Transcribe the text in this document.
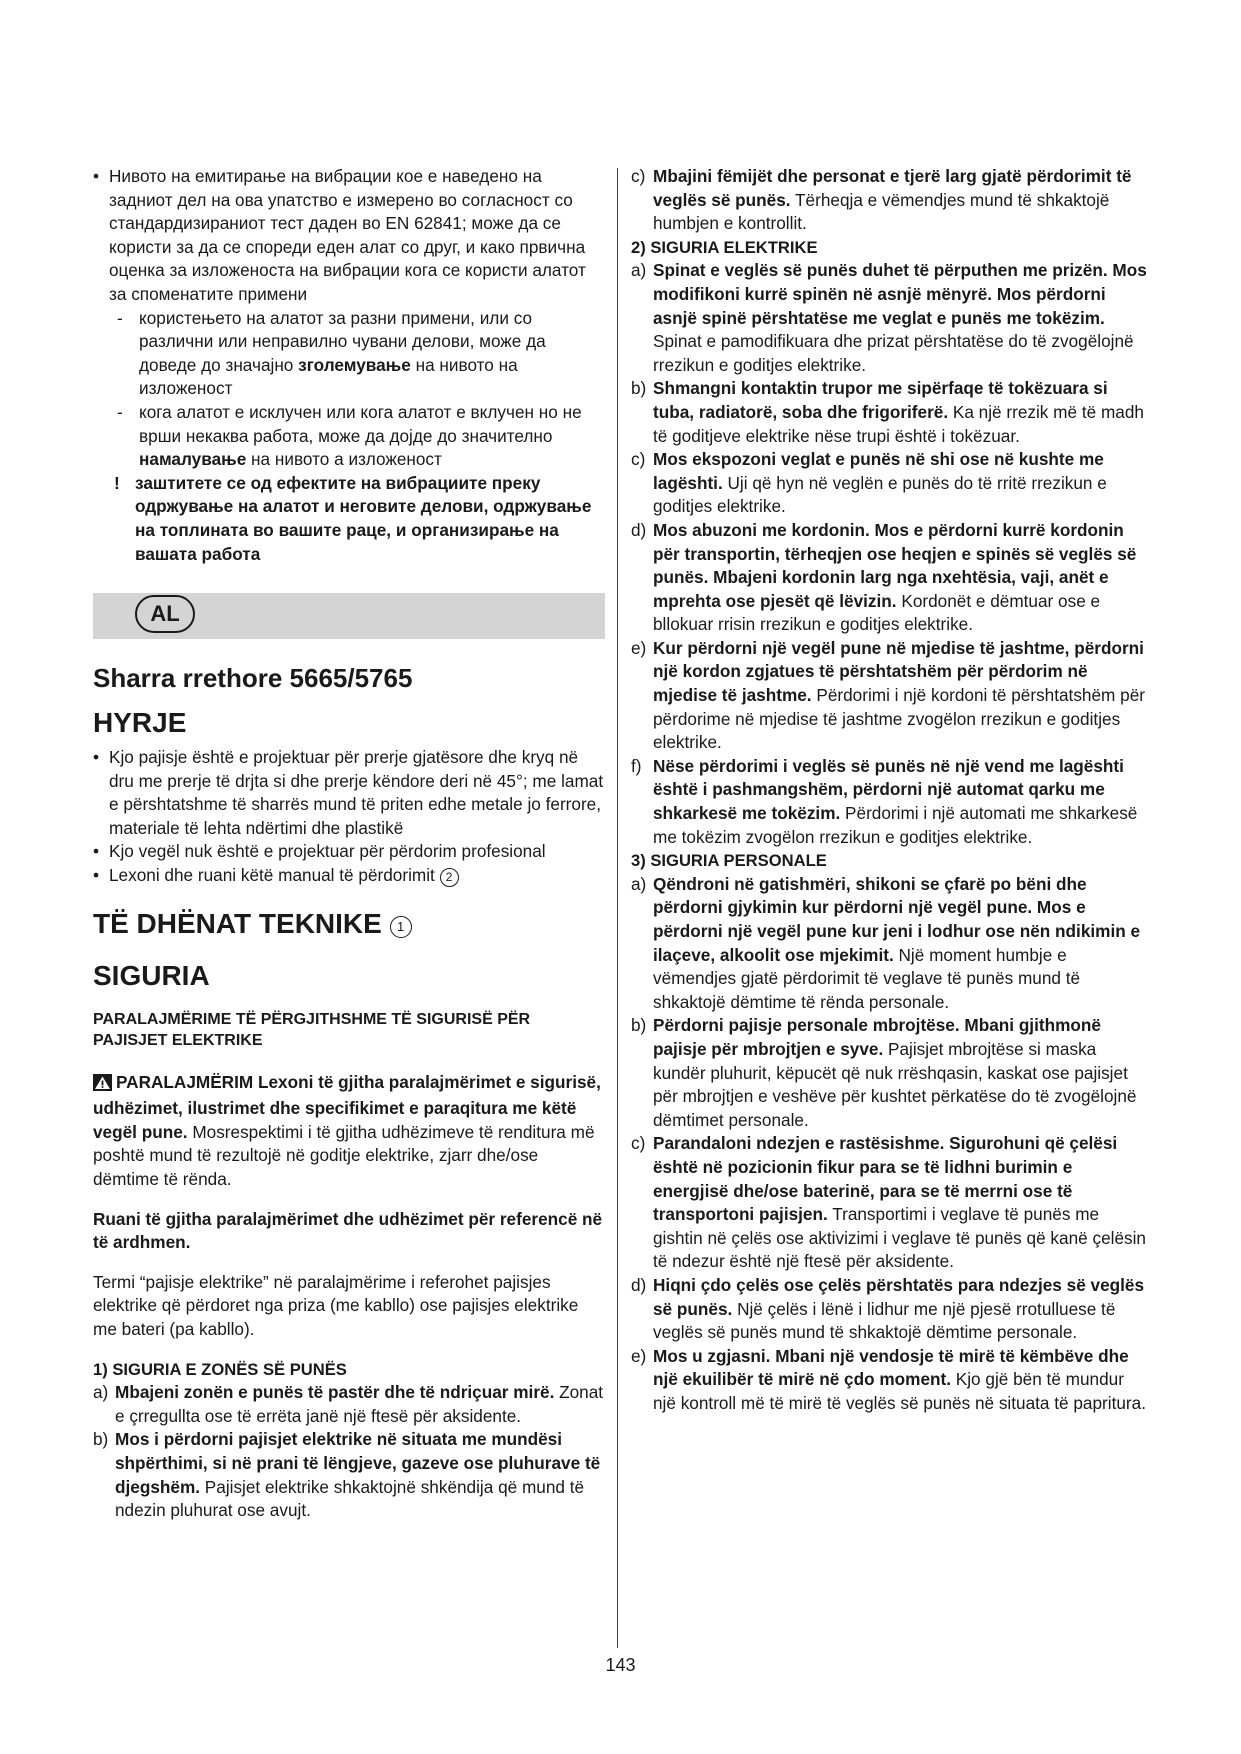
• Нивото на емитирање на вибрации кое е наведено на задниот дел на ова упатство е измерено во согласност со стандардизираниот тест даден во EN 62841; може да се користи за да се спореди еден алат со друг, и како првична оценка за изложеноста на вибрации кога се користи алатот за споменатите примени
- користењето на алатот за разни примени, или со различни или неправилно чувани делови, може да доведе до значајно зголемување на нивото на изложеност
- кога алатот е исклучен или кога алатот е вклучен но не врши некаква работа, може да дојде до значително намалување на нивото а изложеност
! заштитете се од ефектите на вибрациите преку одржување на алатот и неговите делови, одржување на топлината во вашите раце, и организирање на вашата работа
AL
Sharra rrethore 5665/5765
HYRJE
• Kjo pajisje është e projektuar për prerje gjatësore dhe kryq në dru me prerje të drjta si dhe prerje këndore deri në 45°; me lamat e përshtatshme të sharrës mund të priten edhe metale jo ferrore, materiale të lehta ndërtimi dhe plastikë
• Kjo vegël nuk është e projektuar për përdorim profesional
• Lexoni dhe ruani këtë manual të përdorimit 2
TË DHËNAT TEKNIKE 1
SIGURIA
PARALAJMËRIME TË PËRGJITHSHME TË SIGURISË PËR PAJISJET ELEKTRIKE
PARALAJMËRIM Lexoni të gjitha paralajmërimet e sigurisë, udhëzimet, ilustrimet dhe specifikimet e paraqitura me këtë vegël pune. Mosrespektimi i të gjitha udhëzimeve të renditura më poshtë mund të rezultojë në goditje elektrike, zjarr dhe/ose dëmtime të rënda.
Ruani të gjitha paralajmërimet dhe udhëzimet për referencë në të ardhmen.
Termi “pajisje elektrike” në paralajmërime i referohet pajisjes elektrike që përdoret nga priza (me kabllo) ose pajisjes elektrike me bateri (pa kabllo).
1) SIGURIA E ZONËS SË PUNËS
a) Mbajeni zonën e punës të pastër dhe të ndriçuar mirë. Zonat e çrregullta ose të errëta janë një ftesë për aksidente.
b) Mos i përdorni pajisjet elektrike në situata me mundësi shpërthimi, si në prani të lëngjeve, gazeve ose pluhurave të djegshëm. Pajisjet elektrike shkaktojnë shkëndija që mund të ndezin pluhurat ose avujt.
c) Mbajini fëmijët dhe personat e tjerë larg gjatë përdorimit të veglës së punës. Tërheqja e vëmendjes mund të shkaktojë humbjen e kontrollit.
2) SIGURIA ELEKTRIKE
a) Spinat e veglës së punës duhet të përputhen me prizën. Mos modifikoni kurrë spinën në asnjë mënyrë. Mos përdorni asnjë spinë përshtatëse me veglat e punës me tokëzim. Spinat e pamodifikuara dhe prizat përshtatëse do të zvogëlojnë rrezikun e goditjes elektrike.
b) Shmangni kontaktin trupor me sipërfaqe të tokëzuara si tuba, radiatorë, soba dhe frigoriferë. Ka një rrezik më të madh të goditjeve elektrike nëse trupi është i tokëzuar.
c) Mos ekspozoni veglat e punës në shi ose në kushte me lagështi. Uji që hyn në veglën e punës do të rritë rrezikun e goditjes elektrike.
d) Mos abuzoni me kordonin. Mos e përdorni kurrë kordonin për transportin, tërheqjen ose heqjen e spinës së veglës së punës. Mbajeni kordonin larg nga nxehtësia, vaji, anët e mprehta ose pjesët që lëvizin. Kordonët e dëmtuar ose e bllokuar rrisin rrezikun e goditjes elektrike.
e) Kur përdorni një vegël pune në mjedise të jashtme, përdorni një kordon zgjatues të përshtatshëm për përdorim në mjedise të jashtme. Përdorimi i një kordoni të përshtatshëm për përdorime në mjedise të jashtme zvogëlon rrezikun e goditjes elektrike.
f) Nëse përdorimi i veglës së punës në një vend me lagështi është i pashmangshëm, përdorni një automat qarku me shkarkesë me tokëzim. Përdorimi i një automati me shkarkesë me tokëzim zvogëlon rrezikun e goditjes elektrike.
3) SIGURIA PERSONALE
a) Qëndroni në gatishmëri, shikoni se çfarë po bëni dhe përdorni gjykimin kur përdorni një vegël pune. Mos e përdorni një vegël pune kur jeni i lodhur ose nën ndikimin e ilaçeve, alkoolit ose mjekimit. Një moment humbje e vëmendjes gjatë përdorimit të veglave të punës mund të shkaktojë dëmtime të rënda personale.
b) Përdorni pajisje personale mbrojtëse. Mbani gjithmonë pajisje për mbrojtjen e syve. Pajisjet mbrojtëse si maska kundër pluhurit, këpucët që nuk rrëshqasin, kaskat ose pajisjet për mbrojtjen e veshëve për kushtet përkatëse do të zvogëlojnë dëmtimet personale.
c) Parandaloni ndezjen e rastësishme. Sigurohuni që çelësi është në pozicionin fikur para se të lidhni burimin e energjisë dhe/ose baterinë, para se të merrni ose të transportoni pajisjen. Transportimi i veglave të punës me gishtin në çelës ose aktivizimi i veglave të punës që kanë çelësin të ndezur është një ftesë për aksidente.
d) Hiqni çdo çelës ose çelës përshtatës para ndezjes së veglës së punës. Një çelës i lënë i lidhur me një pjesë rrotulluese të veglës së punës mund të shkaktojë dëmtime personale.
e) Mos u zgjasni. Mbani një vendosje të mirë të këmbëve dhe një ekuilibër të mirë në çdo moment. Kjo gjë bën të mundur një kontroll më të mirë të veglës së punës në situata të papritura.
143
